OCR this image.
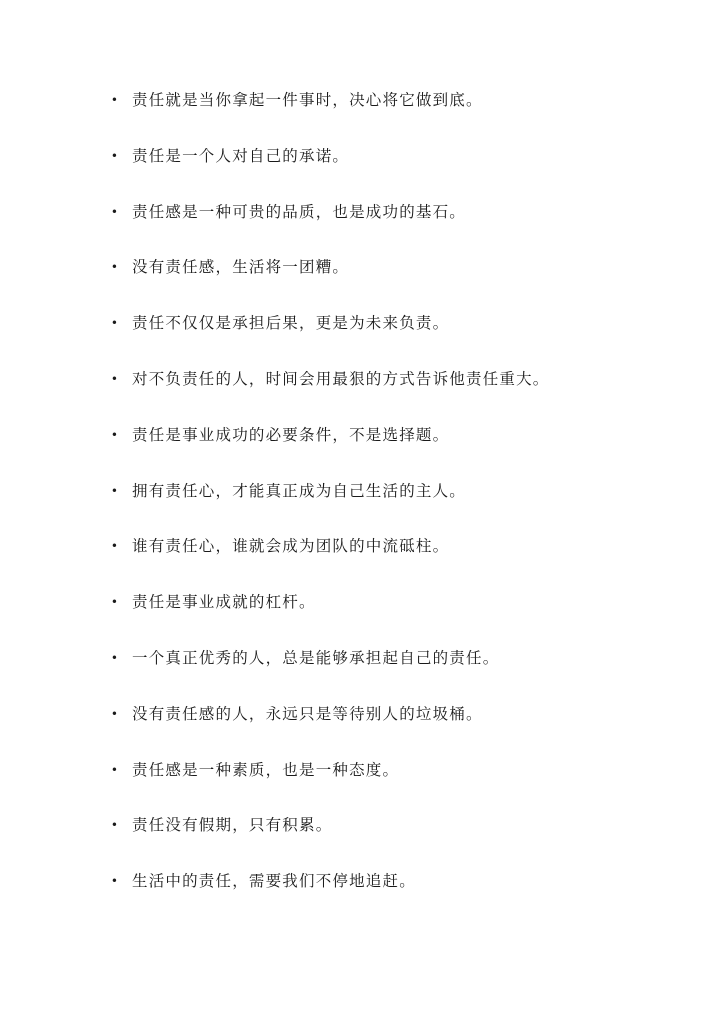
• 责任就是当你拿起一件事时，决心将它做到底。
• 责任是一个人对自己的承诺。
• 责任感是一种可贵的品质，也是成功的基石。
• 没有责任感，生活将一团糟。
• 责任不仅仅是承担后果，更是为未来负责。
• 对不负责任的人，时间会用最狠的方式告诉他责任重大。
• 责任是事业成功的必要条件，不是选择题。
• 拥有责任心，才能真正成为自己生活的主人。
• 谁有责任心，谁就会成为团队的中流砥柱。
• 责任是事业成就的杠杆。
• 一个真正优秀的人，总是能够承担起自己的责任。
• 没有责任感的人，永远只是等待别人的垃圾桶。
• 责任感是一种素质，也是一种态度。
• 责任没有假期，只有积累。
• 生活中的责任，需要我们不停地追赶。
